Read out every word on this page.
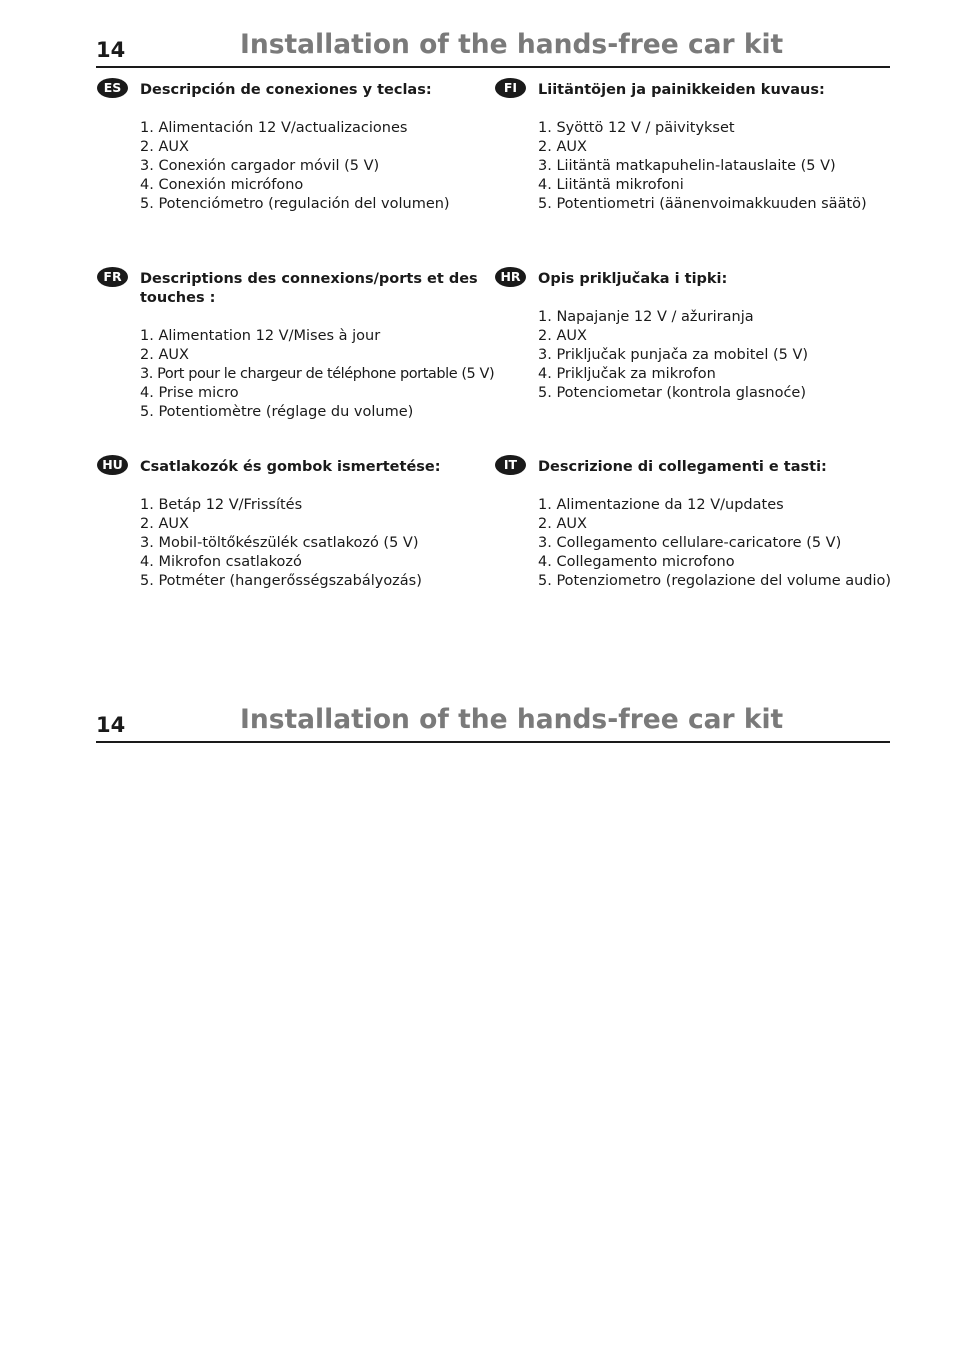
14	Installation of the hands-free car kit
ES	Descripción de conexiones y teclas:
1. Alimentación 12 V/actualizaciones
2. AUX
3. Conexión cargador móvil (5 V)
4. Conexión micrófono
5. Potenciómetro (regulación del volumen)
FI	Liitäntöjen ja painikkeiden kuvaus:
1. Syöttö 12 V / päivitykset
2. AUX
3. Liitäntä matkapuhelin-latauslaite (5 V)
4. Liitäntä mikrofoni
5. Potentiometri (äänenvoimakkuuden säätö)
FR	Descriptions des connexions/ports et des
touches :
1. Alimentation 12 V/Mises à jour
2. AUX
3. Port pour le chargeur de téléphone portable (5 V)
4. Prise micro
5. Potentiomètre (réglage du volume)
HR	Opis priključaka i tipki:
1. Napajanje 12 V / ažuriranja
2. AUX
3. Priključak punjača za mobitel (5 V)
4. Priključak za mikrofon
5. Potenciometar (kontrola glasnoće)
HU	Csatlakozók és gombok ismertetése:
1. Betáp 12 V/Frissítés
2. AUX
3. Mobil-töltőkészülék csatlakozó (5 V)
4. Mikrofon csatlakozó
5. Potméter (hangerősségszabályozás)
IT	Descrizione di collegamenti e tasti:
1. Alimentazione da 12 V/updates
2. AUX
3. Collegamento cellulare-caricatore (5 V)
4. Collegamento microfono
5. Potenziometro (regolazione del volume audio)
14	Installation of the hands-free car kit
